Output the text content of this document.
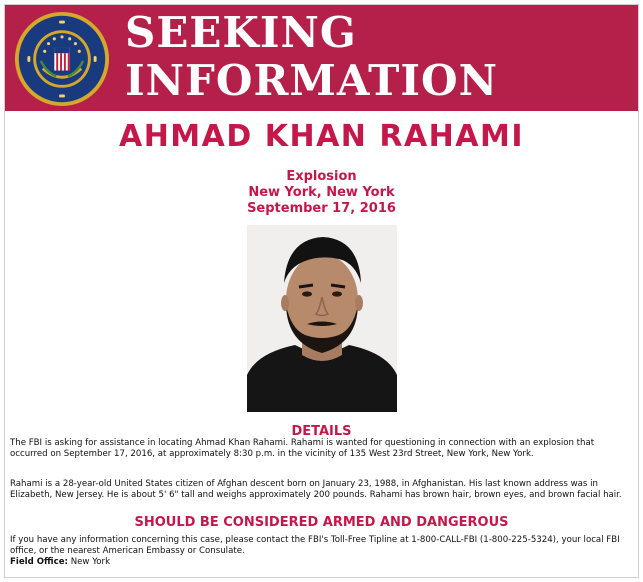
SEEKING
INFORMATION
AHMAD KHAN RAHAMI
Explosion
New York, New York
September 17, 2016
DETAILS
The FBI is asking for assistance in locating Ahmad Khan Rahami. Rahami is wanted for questioning in connection with an explosion that occurred on September 17, 2016, at approximately 8:30 p.m. in the vicinity of 135 West 23rd Street, New York, New York.
Rahami is a 28-year-old United States citizen of Afghan descent born on January 23, 1988, in Afghanistan. His last known address was in Elizabeth, New Jersey. He is about 5' 6" tall and weighs approximately 200 pounds. Rahami has brown hair, brown eyes, and brown facial hair.
SHOULD BE CONSIDERED ARMED AND DANGEROUS
If you have any information concerning this case, please contact the FBI's Toll-Free Tipline at 1-800-CALL-FBI (1-800-225-5324), your local FBI office, or the nearest American Embassy or Consulate.
Field Office: New York
